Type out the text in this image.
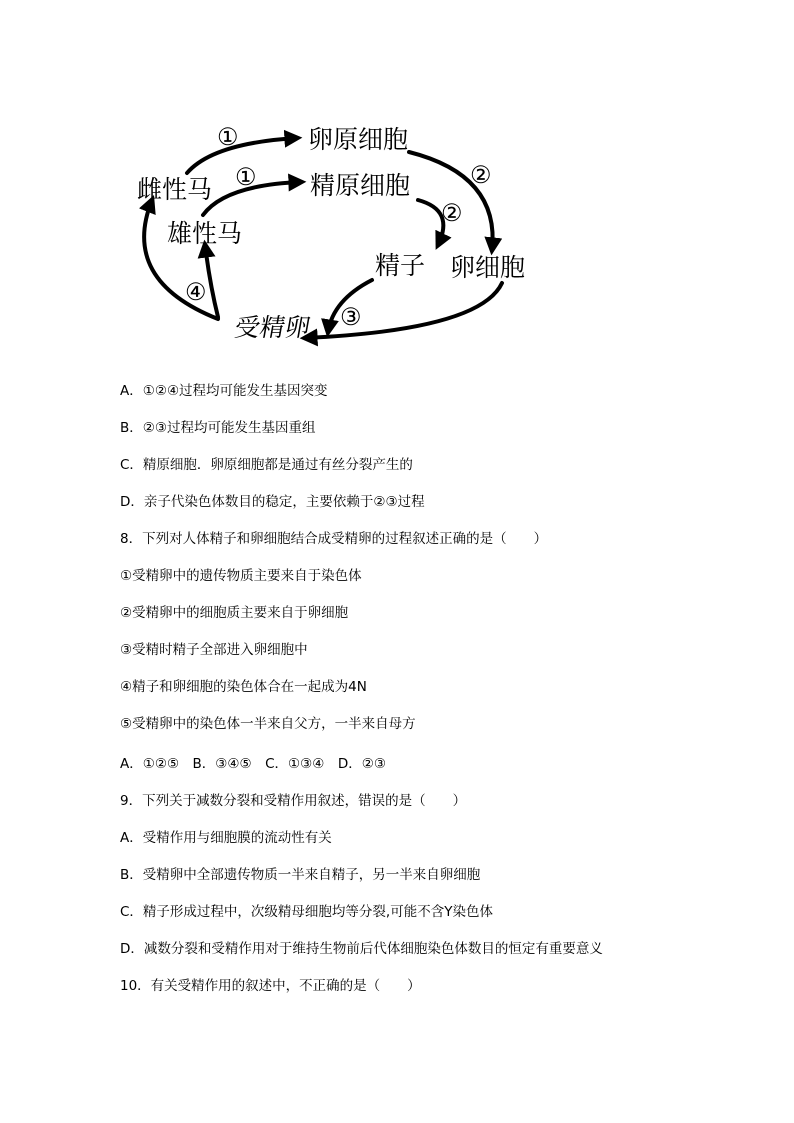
卵原细胞
精原细胞
雌性马
雄性马
精子 卵细胞
受精卵
①
①	②
②
③
④
A．①②④过程均可能发生基因突变
B．②③过程均可能发生基因重组
C．精原细胞．卵原细胞都是通过有丝分裂产生的
D．亲子代染色体数目的稳定，主要依赖于②③过程
8．下列对人体精子和卵细胞结合成受精卵的过程叙述正确的是（　　）
①受精卵中的遗传物质主要来自于染色体
②受精卵中的细胞质主要来自于卵细胞
③受精时精子全部进入卵细胞中
④精子和卵细胞的染色体合在一起成为4N
⑤受精卵中的染色体一半来自父方，一半来自母方
A．①②⑤　B．③④⑤　C．①③④　D．②③
9．下列关于减数分裂和受精作用叙述，错误的是（　　）
A．受精作用与细胞膜的流动性有关
B．受精卵中全部遗传物质一半来自精子，另一半来自卵细胞
C．精子形成过程中，次级精母细胞均等分裂,可能不含Y染色体
D．减数分裂和受精作用对于维持生物前后代体细胞染色体数目的恒定有重要意义
10．有关受精作用的叙述中，不正确的是（　　）
